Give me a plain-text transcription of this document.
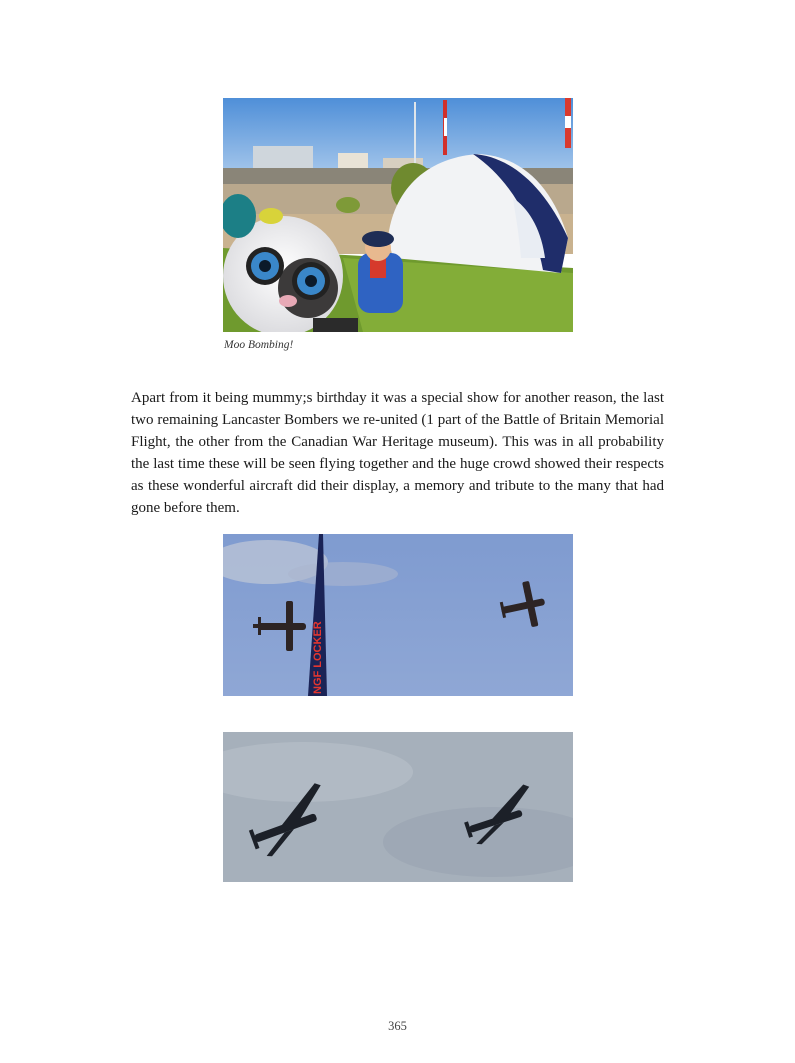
Moo Bombing!

Apart from it being mummy;s birthday it was a special show for another reason, the last two remaining Lancaster Bombers we re-united (1 part of the Battle of Britain Memorial Flight, the other from the Canadian War Heritage museum). This was in all probability the last time these will be seen flying together and the huge crowd showed their respects as these wonderful aircraft did their display, a memory and tribute to the many that had gone before them.

NGF LOCKER
365
